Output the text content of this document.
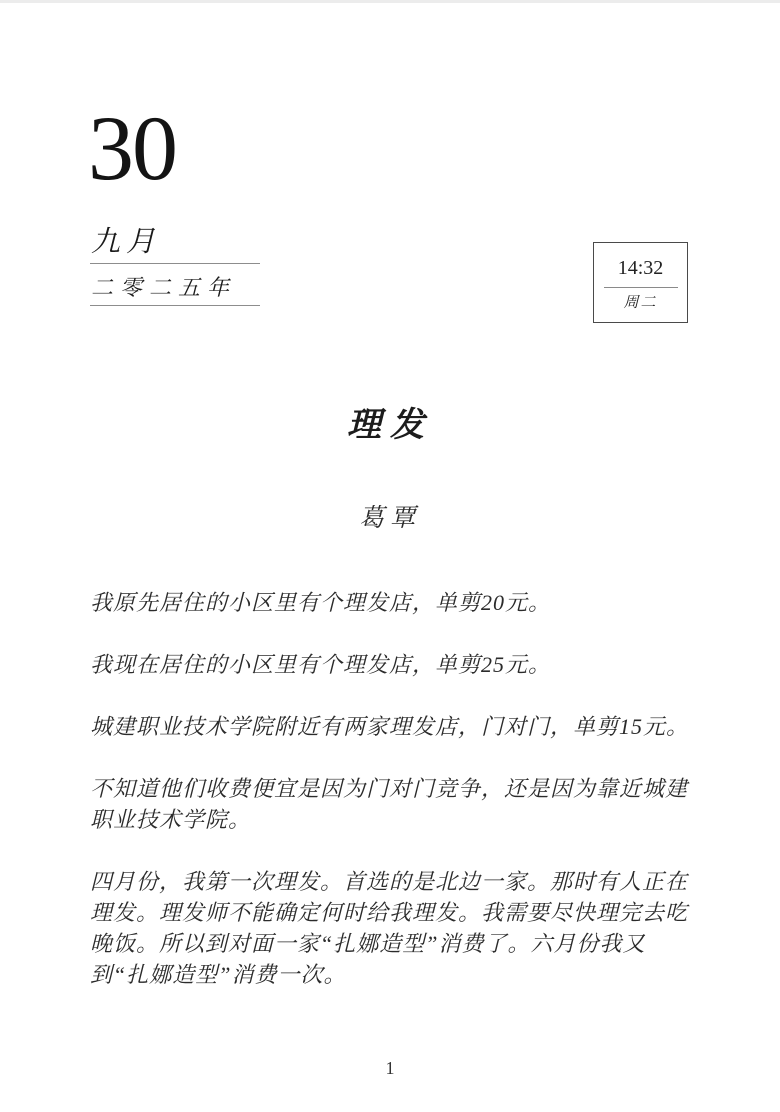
30
九月
二零二五年
14:32
周二
理发
葛覃

我原先居住的小区里有个理发店，单剪20元。

我现在居住的小区里有个理发店，单剪25元。

城建职业技术学院附近有两家理发店，门对门，单剪15元。

不知道他们收费便宜是因为门对门竞争，还是因为靠近城建职业技术学院。

四月份，我第一次理发。首选的是北边一家。那时有人正在理发。理发师不能确定何时给我理发。我需要尽快理完去吃晚饭。所以到对面一家“扎娜造型”消费了。六月份我又到“扎娜造型”消费一次。

1
